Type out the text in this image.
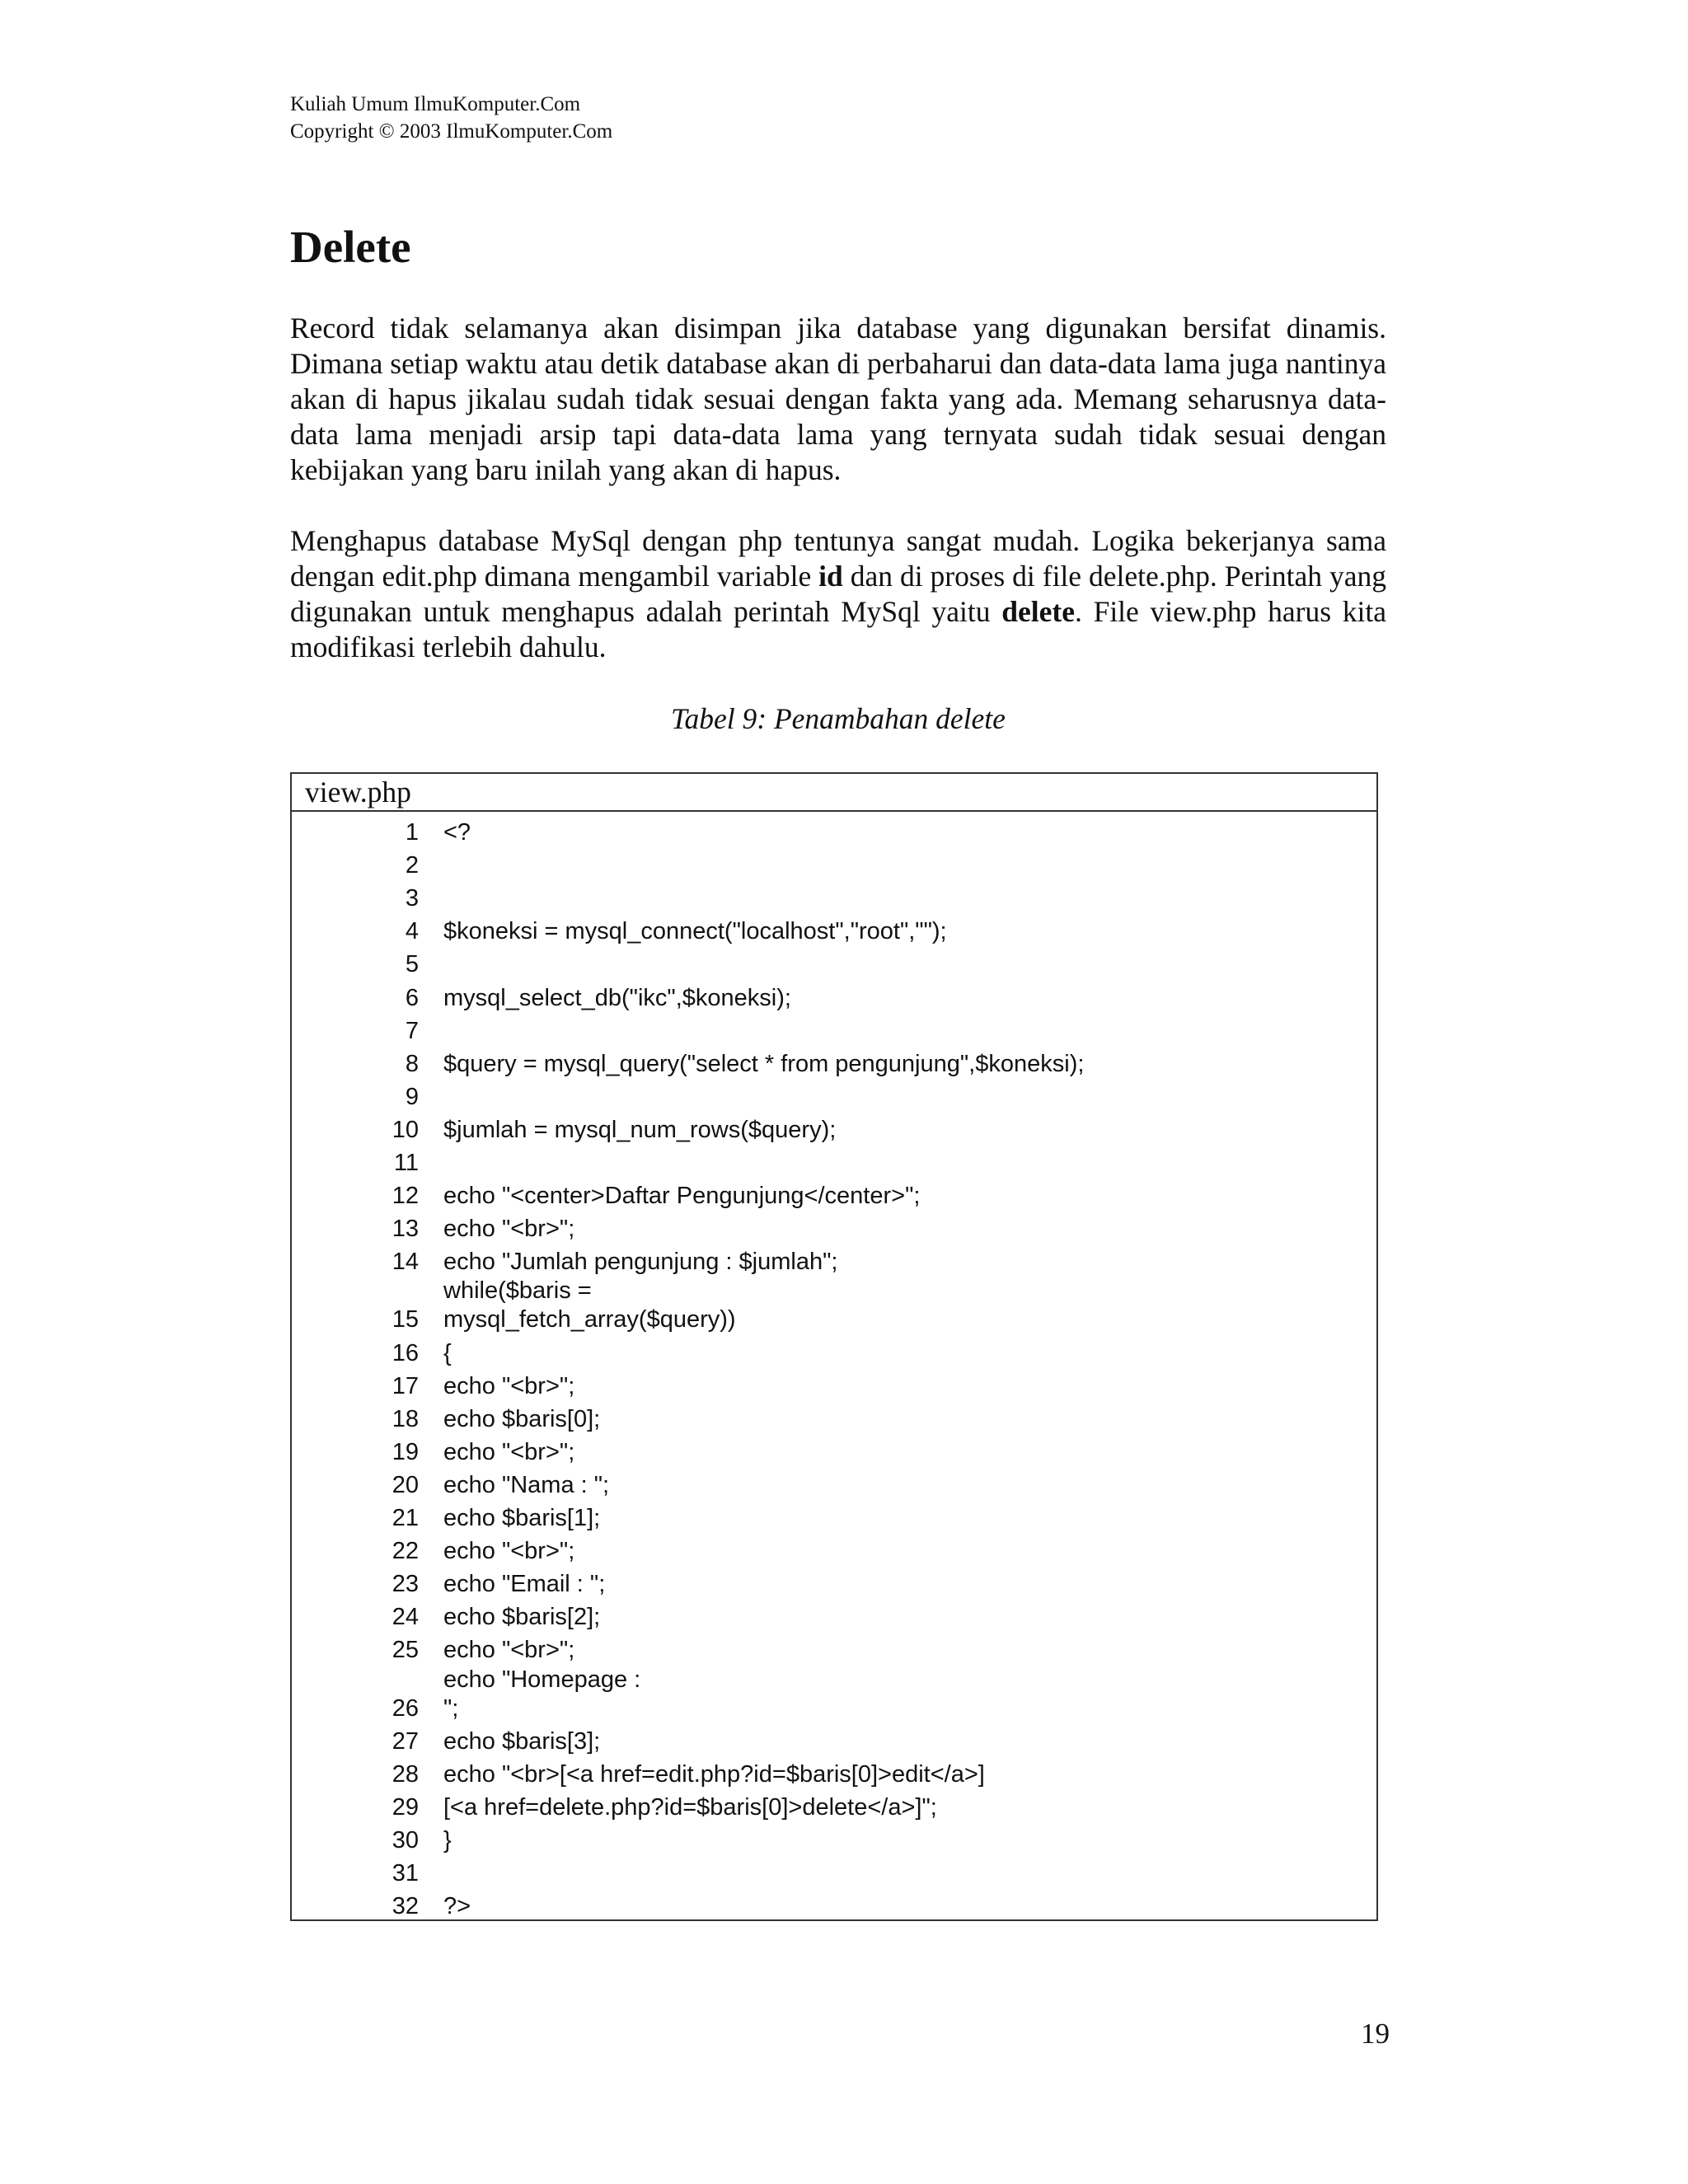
Kuliah Umum IlmuKomputer.Com
Copyright © 2003 IlmuKomputer.Com
Delete

Record tidak selamanya akan disimpan jika database yang digunakan bersifat dinamis. Dimana setiap waktu atau detik database akan di perbaharui dan data-data lama juga nantinya akan di hapus jikalau sudah tidak sesuai dengan fakta yang ada. Memang seharusnya data-data lama menjadi arsip tapi data-data lama yang ternyata sudah tidak sesuai dengan kebijakan yang baru inilah yang akan di hapus.

Menghapus database MySql dengan php tentunya sangat mudah. Logika bekerjanya sama dengan edit.php dimana mengambil variable id dan di proses di file delete.php. Perintah yang digunakan untuk menghapus adalah perintah MySql yaitu delete. File view.php harus kita modifikasi terlebih dahulu.

Tabel 9: Penambahan delete
view.php
1 <?
2
3
4 $koneksi = mysql_connect("localhost","root","");
5
6 mysql_select_db("ikc",$koneksi);
7
8 $query = mysql_query("select * from pengunjung",$koneksi);
9
10 $jumlah = mysql_num_rows($query);
11
12 echo "<center>Daftar Pengunjung</center>";
13 echo "<br>";
14 echo "Jumlah pengunjung : $jumlah";
while($baris =
15 mysql_fetch_array($query))
16 {
17 echo "<br>";
18 echo $baris[0];
19 echo "<br>";
20 echo "Nama : ";
21 echo $baris[1];
22 echo "<br>";
23 echo "Email : ";
24 echo $baris[2];
25 echo "<br>";
echo "Homepage :
26 ";
27 echo $baris[3];
28 echo "<br>[<a href=edit.php?id=$baris[0]>edit</a>]
29 [<a href=delete.php?id=$baris[0]>delete</a>]";
30 }
31
32 ?>
19
